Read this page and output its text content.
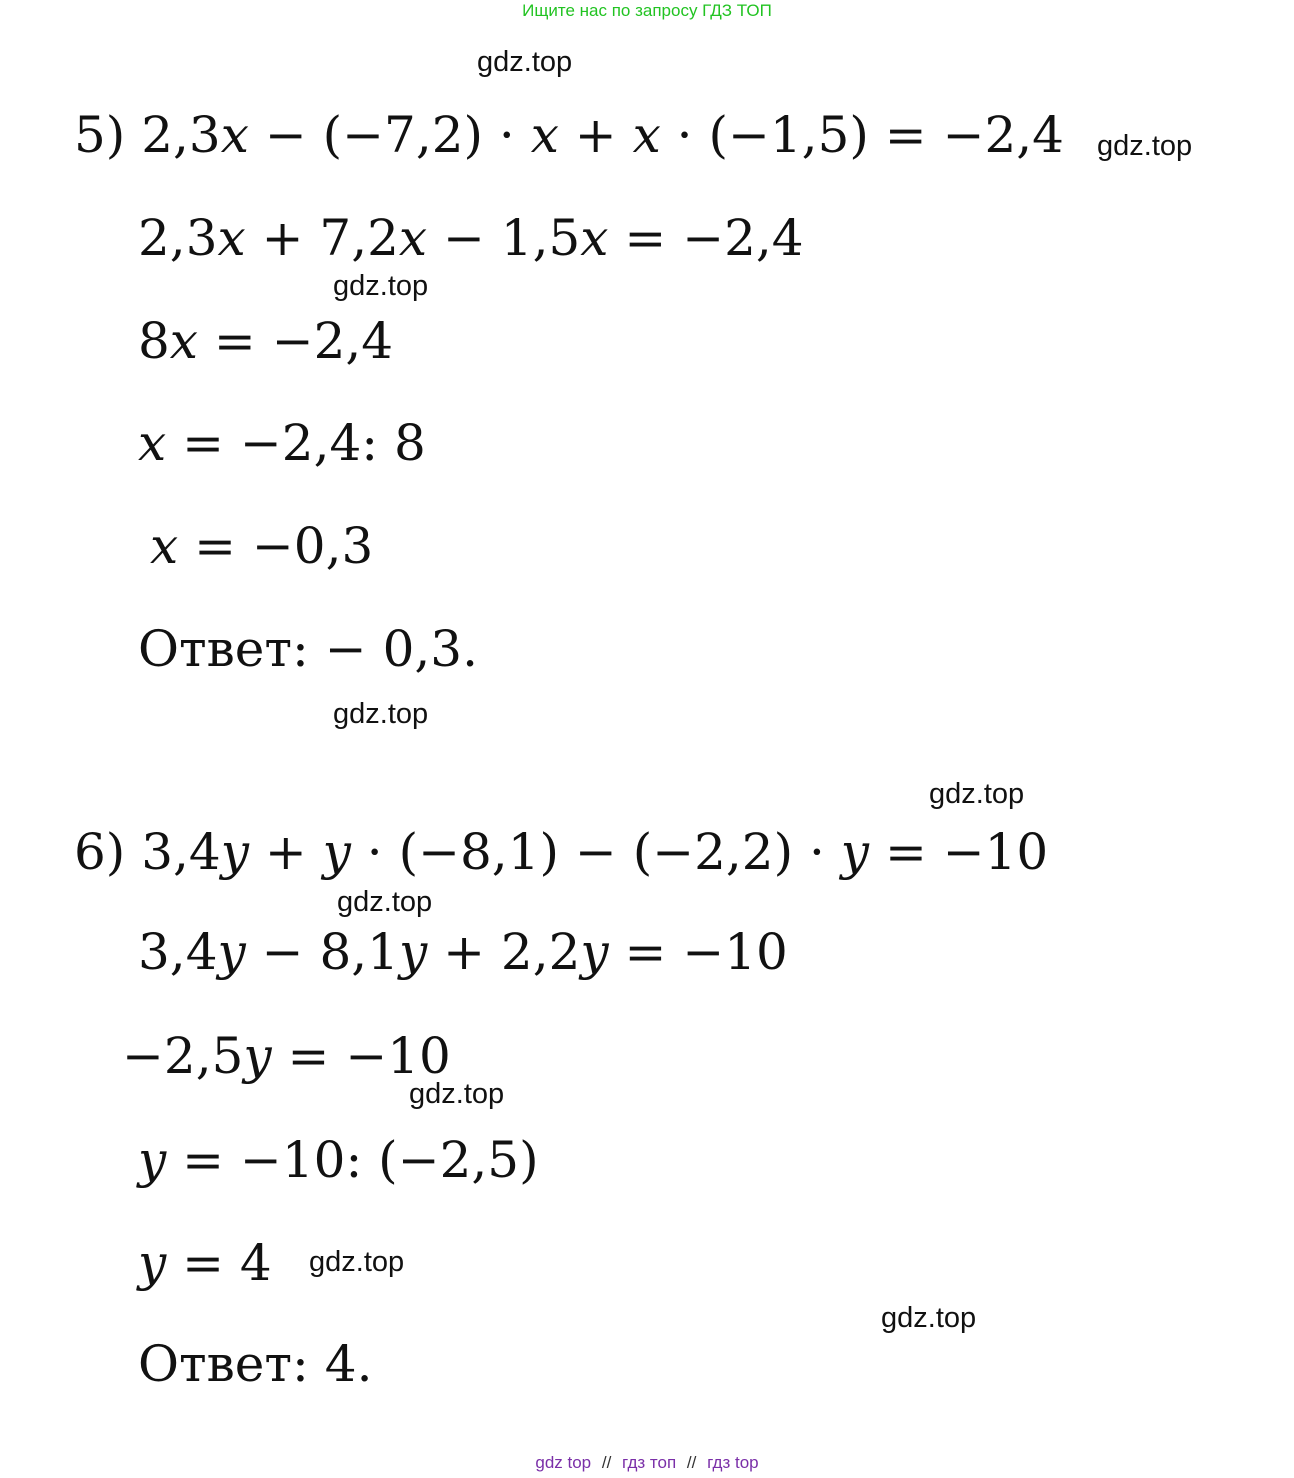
Ищите нас по запросу ГДЗ ТОП
5) 2,3𝑥 − (−7,2) · 𝑥 + 𝑥 · (−1,5) = −2,4
2,3𝑥 + 7,2𝑥 − 1,5𝑥 = −2,4
8𝑥 = −2,4
𝑥 = −2,4: 8
𝑥 = −0,3
Ответ: − 0,3.
6) 3,4𝑦 + 𝑦 · (−8,1) − (−2,2) · 𝑦 = −10
3,4𝑦 − 8,1𝑦 + 2,2𝑦 = −10
−2,5𝑦 = −10
𝑦 = −10: (−2,5)
𝑦 = 4
Ответ: 4.
gdz.top
gdz.top
gdz.top
gdz.top
gdz.top
gdz.top
gdz.top
gdz.top
gdz.top
gdz top // гдз топ // гдз top
